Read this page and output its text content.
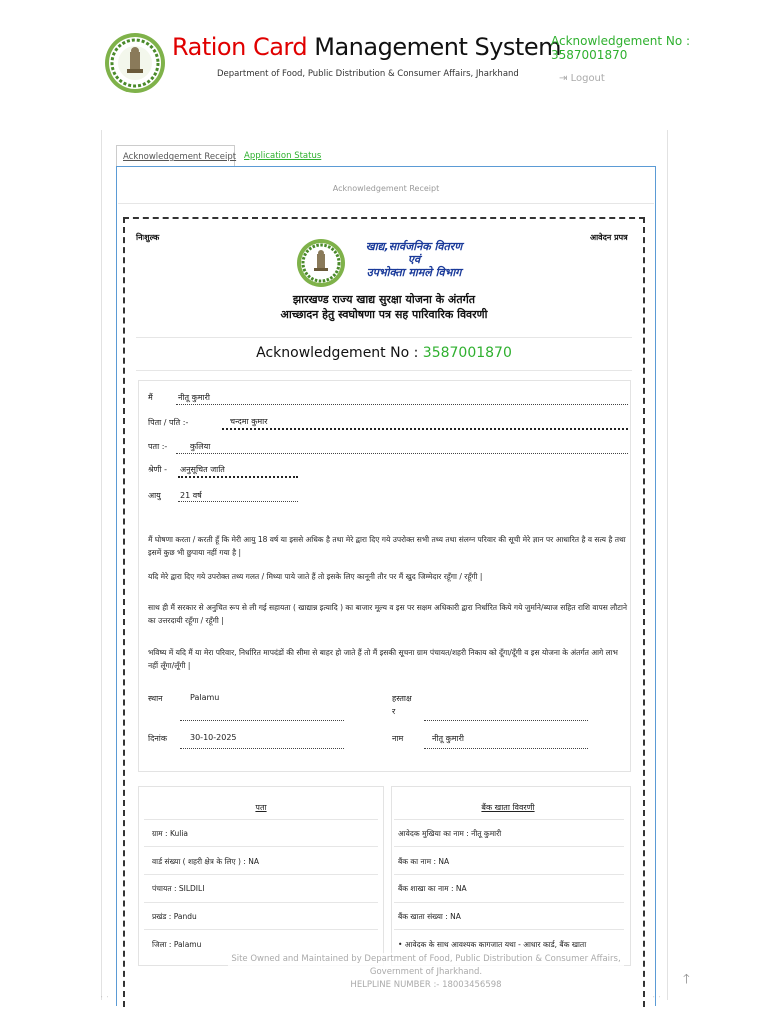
Ration Card Management System
Department of Food, Public Distribution & Consumer Affairs, Jharkhand
Acknowledgement No :
3587001870
⇥ Logout
Acknowledgement Receipt Application Status
Acknowledgement Receipt
निःशुल्क	आवेदन प्रपत्र
खाद्य,सार्वजनिक वितरण
एवं
उपभोक्ता मामले विभाग
झारखण्ड राज्य खाद्य सुरक्षा योजना के अंतर्गत
आच्छादन हेतु स्वघोषणा पत्र सह पारिवारिक विवरणी
Acknowledgement No : 3587001870
मैं	नीतू कुमारी
पिता / पति :-	चन्दमा कुमार
पता :-	कुलिया
श्रेणी - अनुसूचित जाति
आयु 21 वर्ष
मैं घोषणा करता / करती हूँ कि मेरी आयु 18 वर्ष या इससे अधिक है तथा मेरे द्वारा दिए गये उपरोक्त सभी तथ्य तथा संलग्न परिवार की सूची मेरे ज्ञान पर आधारित है व सत्य है तथा इसमें कुछ भी छुपाया नहीं गया है |
यदि मेरे द्वारा दिए गये उपरोक्त तथ्य गलत / मिथ्या पाये जाते हैं तो इसके लिए कानूनी तौर पर मैं खुद जिम्मेदार रहूँगा / रहूँगी |
साथ ही मैं सरकार से अनुचित रूप से ली गई सहायता ( खाद्यान्न इत्यादि ) का बाजार मूल्य व इस पर सक्षम अधिकारी द्वारा निर्धारित किये गये जुर्माने/ब्याज सहित राशि वापस लौटाने का उत्तरदायी रहूँगा / रहूँगी |
भविष्य में यदि मैं या मेरा परिवार, निर्धारित मापदंडों की सीमा से बाहर हो जाते हैं तो मैं इसकी सूचना ग्राम पंचायत/शहरी निकाय को दूँगा/दूँगी व इस योजना के अंतर्गत आगे लाभ नहीं लूँगा/लूँगी |
स्थान	Palamu	हस्ताक्ष
र
दिनांक	30-10-2025	नाम	नीतू कुमारी
पता
ग्राम : Kulia
वार्ड संख्या ( शहरी क्षेत्र के लिए ) : NA
पंचायत : SILDILI
प्रखंड : Pandu
जिला : Palamu
बैंक खाता विवरणी
आवेदक मुखिया का नाम : नीतू कुमारी
बैंक का नाम : NA
बैंक शाखा का नाम : NA
बैंक खाता संख्या : NA
• आवेदक के साथ आवश्यक कागजात यथा - आधार कार्ड, बैंक खाता
Site Owned and Maintained by Department of Food, Public Distribution & Consumer Affairs,
Government of Jharkhand.
HELPLINE NUMBER :- 18003456598	🡑
˙ ˙	˙ ˙
